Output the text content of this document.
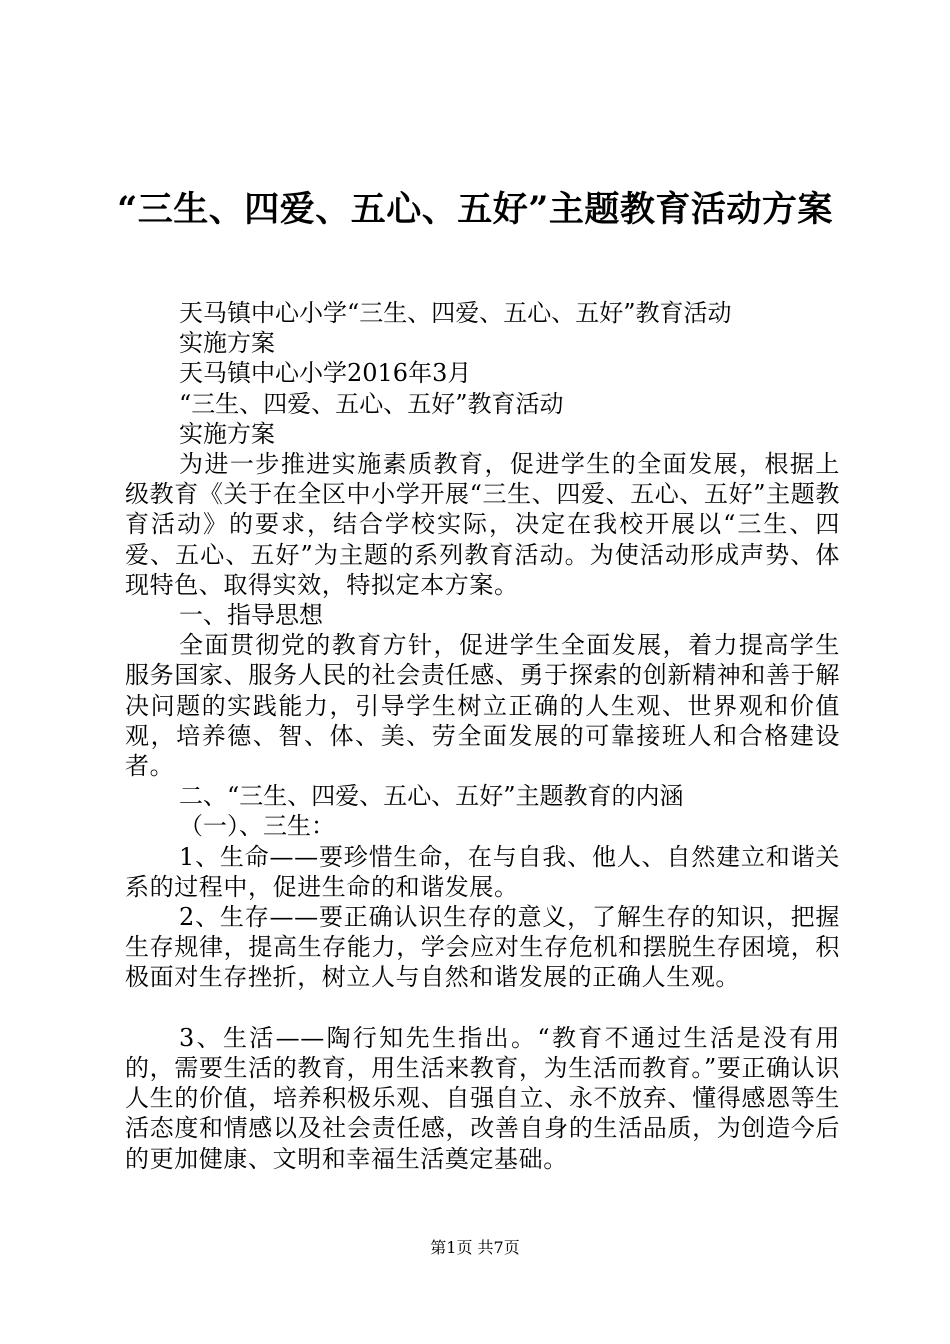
“三生、四爱、五心、五好”主题教育活动方案
天马镇中心小学“三生、四爱、五心、五好”教育活动
实施方案
天马镇中心小学2016年3月
“三生、四爱、五心、五好”教育活动
实施方案
为进一步推进实施素质教育，促进学生的全面发展，根据上级教育《关于在全区中小学开展“三生、四爱、五心、五好”主题教育活动》的要求，结合学校实际，决定在我校开展以“三生、四爱、五心、五好”为主题的系列教育活动。为使活动形成声势、体现特色、取得实效，特拟定本方案。
一、指导思想
全面贯彻党的教育方针，促进学生全面发展，着力提高学生服务国家、服务人民的社会责任感、勇于探索的创新精神和善于解决问题的实践能力，引导学生树立正确的人生观、世界观和价值观，培养德、智、体、美、劳全面发展的可靠接班人和合格建设者。
二、“三生、四爱、五心、五好”主题教育的内涵
（一）、三生：
1、生命——要珍惜生命，在与自我、他人、自然建立和谐关系的过程中，促进生命的和谐发展。
2、生存——要正确认识生存的意义，了解生存的知识，把握生存规律，提高生存能力，学会应对生存危机和摆脱生存困境，积极面对生存挫折，树立人与自然和谐发展的正确人生观。
3、生活——陶行知先生指出。“教育不通过生活是没有用的，需要生活的教育，用生活来教育，为生活而教育。”要正确认识人生的价值，培养积极乐观、自强自立、永不放弃、懂得感恩等生活态度和情感以及社会责任感，改善自身的生活品质，为创造今后的更加健康、文明和幸福生活奠定基础。
第1页 共7页
